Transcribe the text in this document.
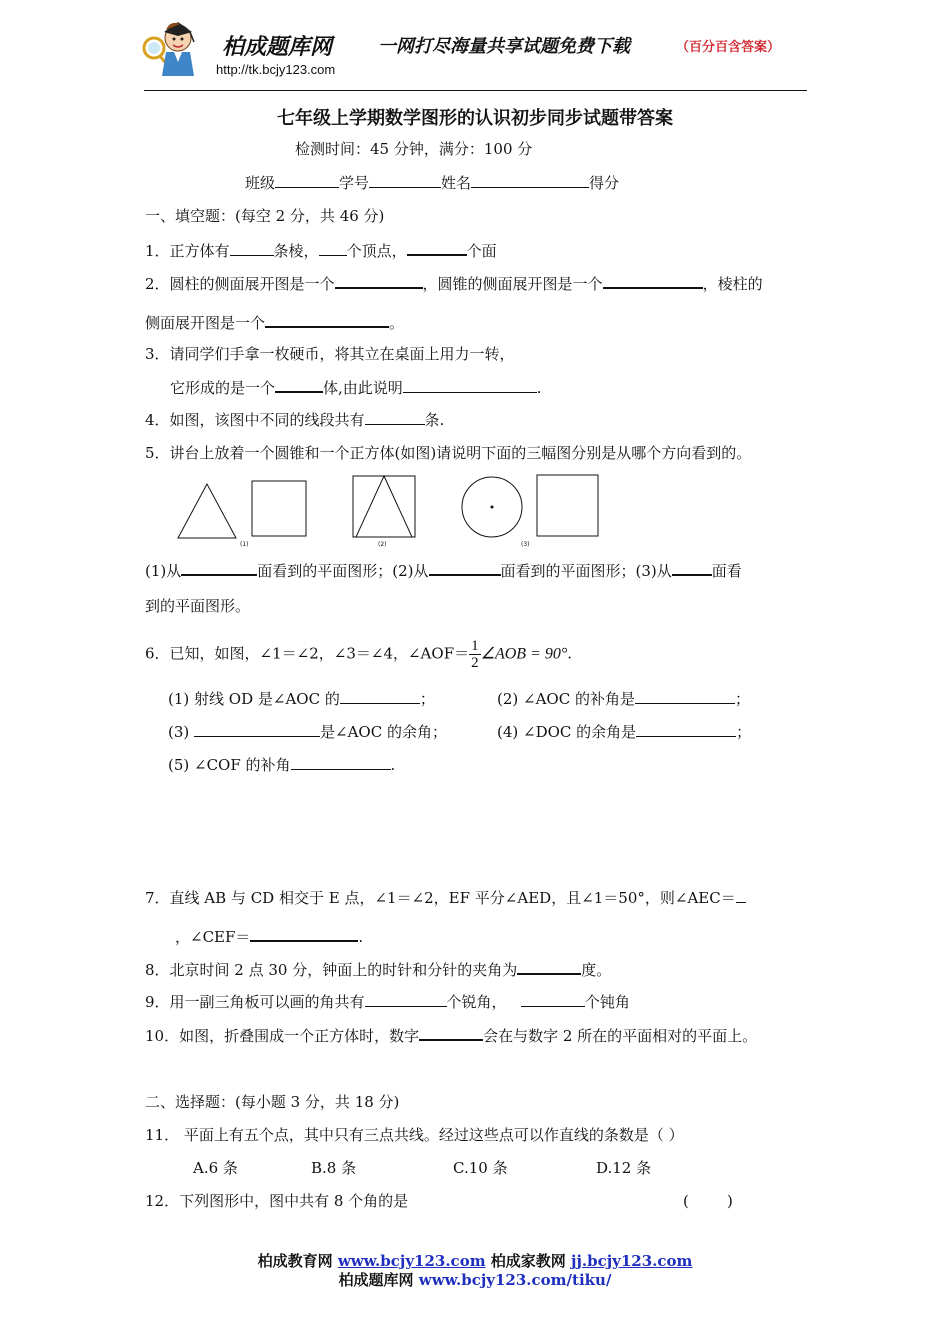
柏成题库网	一网打尽海量共享试题免费下载	（百分百含答案）
http://tk.bcjy123.com
七年级上学期数学图形的认识初步同步试题带答案
检测时间：45 分钟，满分：100 分
班级	学号	姓名	得分
一、填空题：(每空 2 分，共 46 分)
1．正方体有	条棱， 个顶点，	个面
2．圆柱的侧面展开图是一个	，圆锥的侧面展开图是一个	，棱柱的
侧面展开图是一个	。
3．请同学们手拿一枚硬币，将其立在桌面上用力一转，
它形成的是一个	体,由此说明	.
4．如图，该图中不同的线段共有	条.
5．讲台上放着一个圆锥和一个正方体(如图)请说明下面的三幅图分别是从哪个方向看到的。
(1)	(2)	(3)
(1)从	面看到的平面图形；(2)从	面看到的平面图形；(3)从	面看
到的平面图形。
6．已知，如图，∠1＝∠2，∠3＝∠4，∠AOF＝ $\frac{1}{2}$ ∠AOB = 90°.
(1) 射线 OD 是∠AOC 的	；	(2) ∠AOC 的补角是	；
(3)	是∠AOC 的余角；	(4) ∠DOC 的余角是	；
(5) ∠COF 的补角	.
7．直线 AB 与 CD 相交于 E 点，∠1＝∠2，EF 平分∠AED，且∠1＝50°，则∠AEC＝
，∠CEF＝	.
8．北京时间 2 点 30 分，钟面上的时针和分针的夹角为	度。
9．用一副三角板可以画的角共有	个锐角，	个钝角
10．如图，折叠围成一个正方体时，数字	会在与数字 2 所在的平面相对的平面上。
二、选择题：(每小题 3 分，共 18 分)
11． 平面上有五个点，其中只有三点共线。经过这些点可以作直线的条数是（ ）
A.6 条	B.8 条	C.10 条	D.12 条
12．下列图形中，图中共有 8 个角的是	(        )
柏成教育网 www.bcjy123.com 柏成家教网 jj.bcjy123.com
柏成题库网 www.bcjy123.com/tiku/
